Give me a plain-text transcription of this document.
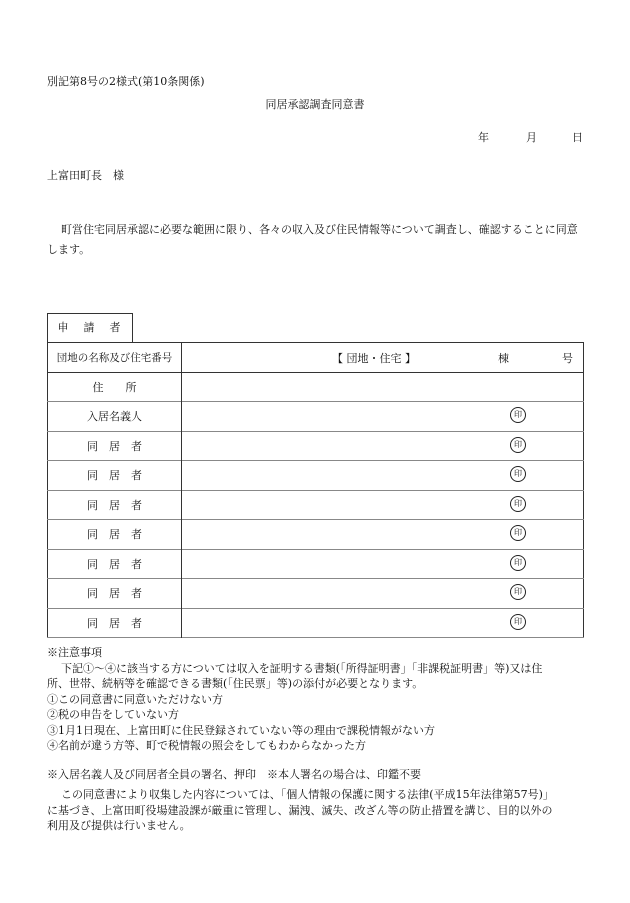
別記第8号の2様式(第10条関係)
同居承認調査同意書
年	月	日
上富田町長　様
町営住宅同居承認に必要な範囲に限り、各々の収入及び住民情報等について調査し、確認することに同意します。
申　請　者
団地の名称及び住宅番号	【 団地・住宅 】 棟 号

住　　所	
入居名義人	印

同　居　者	印

同　居　者	印

同　居　者	印

同　居　者	印

同　居　者	印

同　居　者	印

同　居　者	印
※注意事項
下記①～④に該当する方については収入を証明する書類(「所得証明書」「非課税証明書」等)又は住
所、世帯、続柄等を確認できる書類(「住民票」等)の添付が必要となります。
①この同意書に同意いただけない方
②税の申告をしていない方
③1月1日現在、上富田町に住民登録されていない等の理由で課税情報がない方
④名前が違う方等、町で税情報の照会をしてもわからなかった方
※入居名義人及び同居者全員の署名、押印　※本人署名の場合は、印鑑不要
この同意書により収集した内容については、「個人情報の保護に関する法律(平成15年法律第57号)」
に基づき、上富田町役場建設課が厳重に管理し、漏洩、滅失、改ざん等の防止措置を講じ、目的以外の
利用及び提供は行いません。
